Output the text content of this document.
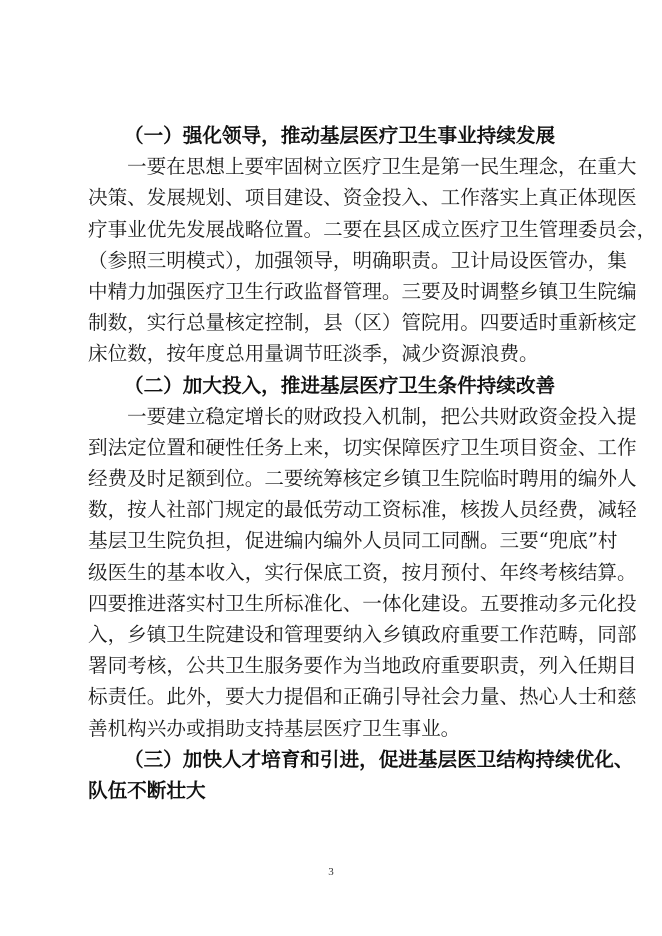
（一）强化领导，推动基层医疗卫生事业持续发展
一要在思想上要牢固树立医疗卫生是第一民生理念，在重大
决策、发展规划、项目建设、资金投入、工作落实上真正体现医
疗事业优先发展战略位置。二要在县区成立医疗卫生管理委员会，
（参照三明模式），加强领导，明确职责。卫计局设医管办，集
中精力加强医疗卫生行政监督管理。三要及时调整乡镇卫生院编
制数，实行总量核定控制，县（区）管院用。四要适时重新核定
床位数，按年度总用量调节旺淡季，减少资源浪费。
（二）加大投入，推进基层医疗卫生条件持续改善
一要建立稳定增长的财政投入机制，把公共财政资金投入提
到法定位置和硬性任务上来，切实保障医疗卫生项目资金、工作
经费及时足额到位。二要统筹核定乡镇卫生院临时聘用的编外人
数，按人社部门规定的最低劳动工资标准，核拨人员经费，减轻
基层卫生院负担，促进编内编外人员同工同酬。三要“兜底”村
级医生的基本收入，实行保底工资，按月预付、年终考核结算。
四要推进落实村卫生所标准化、一体化建设。五要推动多元化投
入，乡镇卫生院建设和管理要纳入乡镇政府重要工作范畴，同部
署同考核，公共卫生服务要作为当地政府重要职责，列入任期目
标责任。此外，要大力提倡和正确引导社会力量、热心人士和慈
善机构兴办或捐助支持基层医疗卫生事业。
（三）加快人才培育和引进，促进基层医卫结构持续优化、
队伍不断壮大
3
